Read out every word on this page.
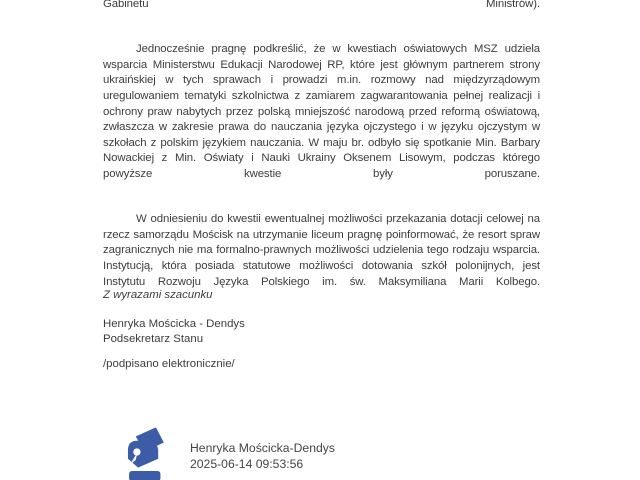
Gabinetu Ministrów).

Jednocześnie pragnę podkreślić, że w kwestiach oświatowych MSZ udziela wsparcia Ministerstwu Edukacji Narodowej RP, które jest głównym partnerem strony ukraińskiej w tych sprawach i prowadzi m.in. rozmowy nad międzyrządowym uregulowaniem tematyki szkolnictwa z zamiarem zagwarantowania pełnej realizacji i ochrony praw nabytych przez polską mniejszość narodową przed reformą oświatową, zwłaszcza w zakresie prawa do nauczania języka ojczystego i w języku ojczystym w szkołach z polskim językiem nauczania. W maju br. odbyło się spotkanie Min. Barbary Nowackiej z Min. Oświaty i Nauki Ukrainy Oksenem Lisowym, podczas którego powyższe kwestie były poruszane.

W odniesieniu do kwestii ewentualnej możliwości przekazania dotacji celowej na rzecz samorządu Mościsk na utrzymanie liceum pragnę poinformować, że resort spraw zagranicznych nie ma formalno-prawnych możliwości udzielenia tego rodzaju wsparcia. Instytucją, która posiada statutowe możliwości dotowania szkół polonijnych, jest Instytutu Rozwoju Języka Polskiego im. św. Maksymiliana Marii Kolbego.

Z wyrazami szacunku
Henryka Mościcka - Dendys
Podsekretarz Stanu
/podpisano elektronicznie/
Henryka Mościcka-Dendys
2025-06-14 09:53:56
